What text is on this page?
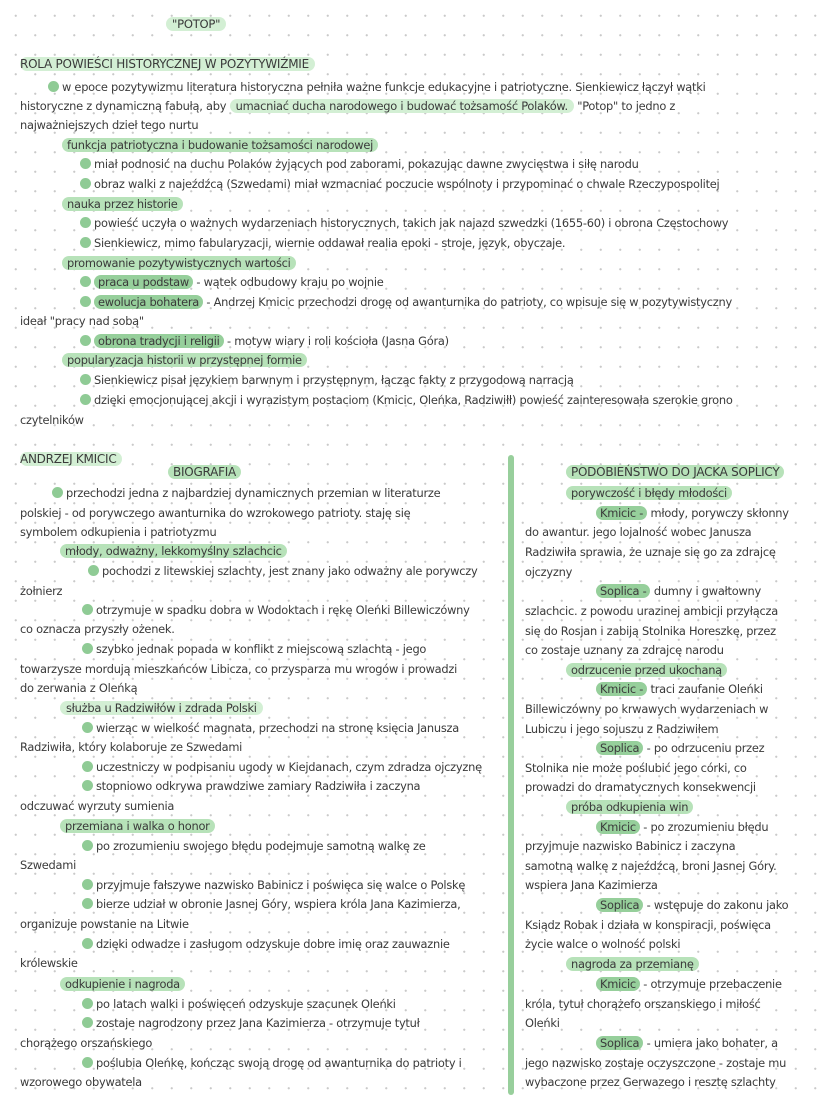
"POTOP"
ROLA POWIEŚCI HISTORYCZNEJ W POZYTYWIŹMIE
w epoce pozytywizmu literatura historyczna pełniła ważne funkcje edukacyjne i patriotyczne. Sienkiewicz łączył wątki
historyczne z dynamiczną fabułą, aby umacniać ducha narodowego i budować tożsamość Polaków. "Potop" to jedno z
najważniejszych dzieł tego nurtu
funkcja patriotyczna i budowanie tożsamości narodowej
miał podnosić na duchu Polaków żyjących pod zaborami, pokazując dawne zwycięstwa i siłę narodu
obraz walki z najeźdźcą (Szwedami) miał wzmacniać poczucie wspólnoty i przypominać o chwale Rzeczypospolitej
nauka przez historie
powieść uczyła o ważnych wydarzeniach historycznych, takich jak najazd szwedzki (1655-60) i obrona Częstochowy
Sienkiewicz, mimo fabularyzacji, wiernie oddawał realia epoki - stroje, język, obyczaje.
promowanie pozytywistycznych wartości
praca u podstaw - wątek odbudowy kraju po wojnie
ewolucja bohatera - Andrzej Kmicic przechodzi drogę od awanturnika do patrioty, co wpisuje się w pozytywistyczny
ideał "pracy nad sobą"
obrona tradycji i religii - motyw wiary i roli kościoła (Jasna Góra)
popularyzacja historii w przystępnej formie
Sienkiewicz pisał językiem barwnym i przystępnym, łącząc fakty z przygodową narracją
dzięki emocjonującej akcji i wyrazistym postaciom (Kmicic, Oleńka, Radziwiłł) powieść zainteresowała szerokie grono
czytelników
ANDRZEJ KMICIC
BIOGRAFIA
przechodzi jedna z najbardziej dynamicznych przemian w literaturze
polskiej - od porywczego awanturnika do wzrokowego patrioty. staję się
symbolem odkupienia i patriotyzmu
młody, odważny, lekkomyślny szlachcic
pochodzi z litewskiej szlachty, jest znany jako odważny ale porywczy
żołnierz
otrzymuje w spadku dobra w Wodoktach i rękę Oleńki Billewiczówny
co oznacza przyszły ożenek.
szybko jednak popada w konflikt z miejscową szlachtą - jego
towarzysze mordują mieszkańców Libicza, co przysparza mu wrogów i prowadzi
do zerwania z Oleńką
służba u Radziwiłów i zdrada Polski
wierząc w wielkość magnata, przechodzi na stronę księcia Janusza
Radziwiła, który kolaboruje ze Szwedami
uczestniczy w podpisaniu ugody w Kiejdanach, czym zdradza ojczyznę
stopniowo odkrywa prawdziwe zamiary Radziwiła i zaczyna
odczuwać wyrzuty sumienia
przemiana i walka o honor
po zrozumieniu swojego błędu podejmuje samotną walkę ze
Szwedami
przyjmuje fałszywe nazwisko Babinicz i poświęca się walce o Polskę
bierze udział w obronie Jasnej Góry, wspiera króla Jana Kazimierza,
organizuje powstanie na Litwie
dzięki odwadze i zasługom odzyskuje dobre imię oraz zauwaznie
królewskie
odkupienie i nagroda
po latach walki i poświęceń odzyskuje szacunek Oleńki
zostaje nagrodzony przez Jana Kazimierza - otrzymuje tytuł
chorążego orszańskiego
poślubia Oleńkę, kończąc swoją drogę od awanturnika do patrioty i
wzorowego obywatela
PODOBIEŃSTWO DO JACKA SOPLICY
porywczość i błędy młodości
Kmicic - młody, porywczy skłonny
do awantur. jego lojalność wobec Janusza
Radziwiła sprawia, że uznaje się go za zdrajcę
ojczyzny
Soplica - dumny i gwałtowny
szlachcic. z powodu urazinej ambicji przyłącza
się do Rosjan i zabiją Stolnika Horeszkę, przez
co zostaje uznany za zdrajcę narodu
odrzucenie przed ukochaną
Kmicic - traci zaufanie Oleńki
Billewiczówny po krwawych wydarzeniach w
Lubiczu i jego sojuszu z Radziwiłem
Soplica - po odrzuceniu przez
Stolnika nie może poślubić jego córki, co
prowadzi do dramatycznych konsekwencji
próba odkupienia win
Kmicic - po zrozumieniu błędu
przyjmuje nazwisko Babinicz i zaczyna
samotną walkę z najeźdźcą, broni Jasnej Góry.
wspiera Jana Kazimierza
Soplica - wstępuje do zakonu jako
Ksiądz Robak i działa w konspiracji, poświęca
życie walce o wolność polski
nagroda za przemianę
Kmicic - otrzymuje przebaczenie
króla, tytuł chorążefo orszanskiego i miłość
Oleńki
Soplica - umiera jako bohater, a
jego nazwisko zostaje oczyszczone - zostaje mu
wybaczone przez Gerwazego i resztę szlachty
